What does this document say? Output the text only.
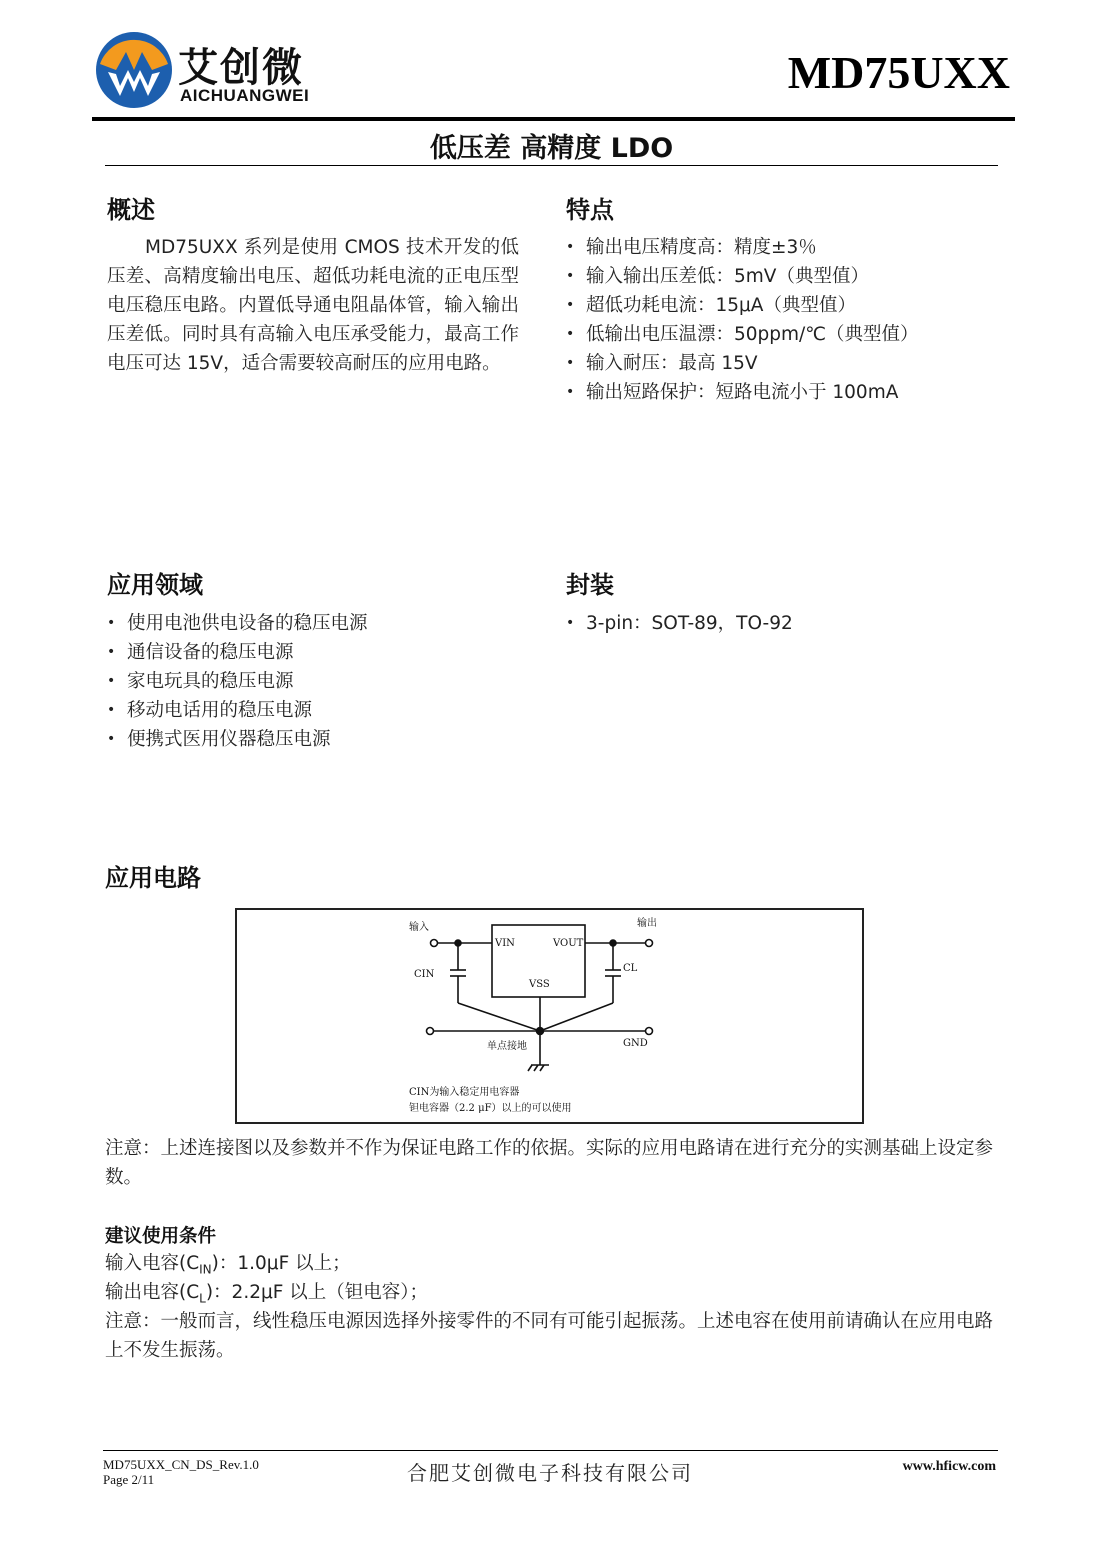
艾创微
AICHUANGWEI	MD75UXX
低压差 高精度 LDO
概述
MD75UXX 系列是使用 CMOS 技术开发的低压差、高精度输出电压、超低功耗电流的正电压型电压稳压电路。内置低导通电阻晶体管，输入输出压差低。同时具有高输入电压承受能力，最高工作电压可达 15V，适合需要较高耐压的应用电路。
特点
• 输出电压精度高：精度±3％
• 输入输出压差低：5mV（典型值）
• 超低功耗电流：15μA（典型值）
• 低输出电压温漂：50ppm/℃（典型值）
• 输入耐压：最高 15V
• 输出短路保护：短路电流小于 100mA
应用领域
• 使用电池供电设备的稳压电源
• 通信设备的稳压电源
• 家电玩具的稳压电源
• 移动电话用的稳压电源
• 便携式医用仪器稳压电源
封装
• 3-pin：SOT-89，TO-92
应用电路
输入	输出
VIN	VOUT
VSS
CIN
CL
GND
单点接地
CIN为输入稳定用电容器
钽电容器（2.2 μF）以上的可以使用
注意：上述连接图以及参数并不作为保证电路工作的依据。实际的应用电路请在进行充分的实测基础上设定参数。
建议使用条件
输入电容$(C_{IN})$：1.0μF 以上；
输出电容$(C_L)$：2.2μF 以上（钽电容）；
注意：一般而言，线性稳压电源因选择外接零件的不同有可能引起振荡。上述电容在使用前请确认在应用电路上不发生振荡。
MD75UXX_CN_DS_Rev.1.0
Page 2/11	合肥艾创微电子科技有限公司	www.hficw.com
